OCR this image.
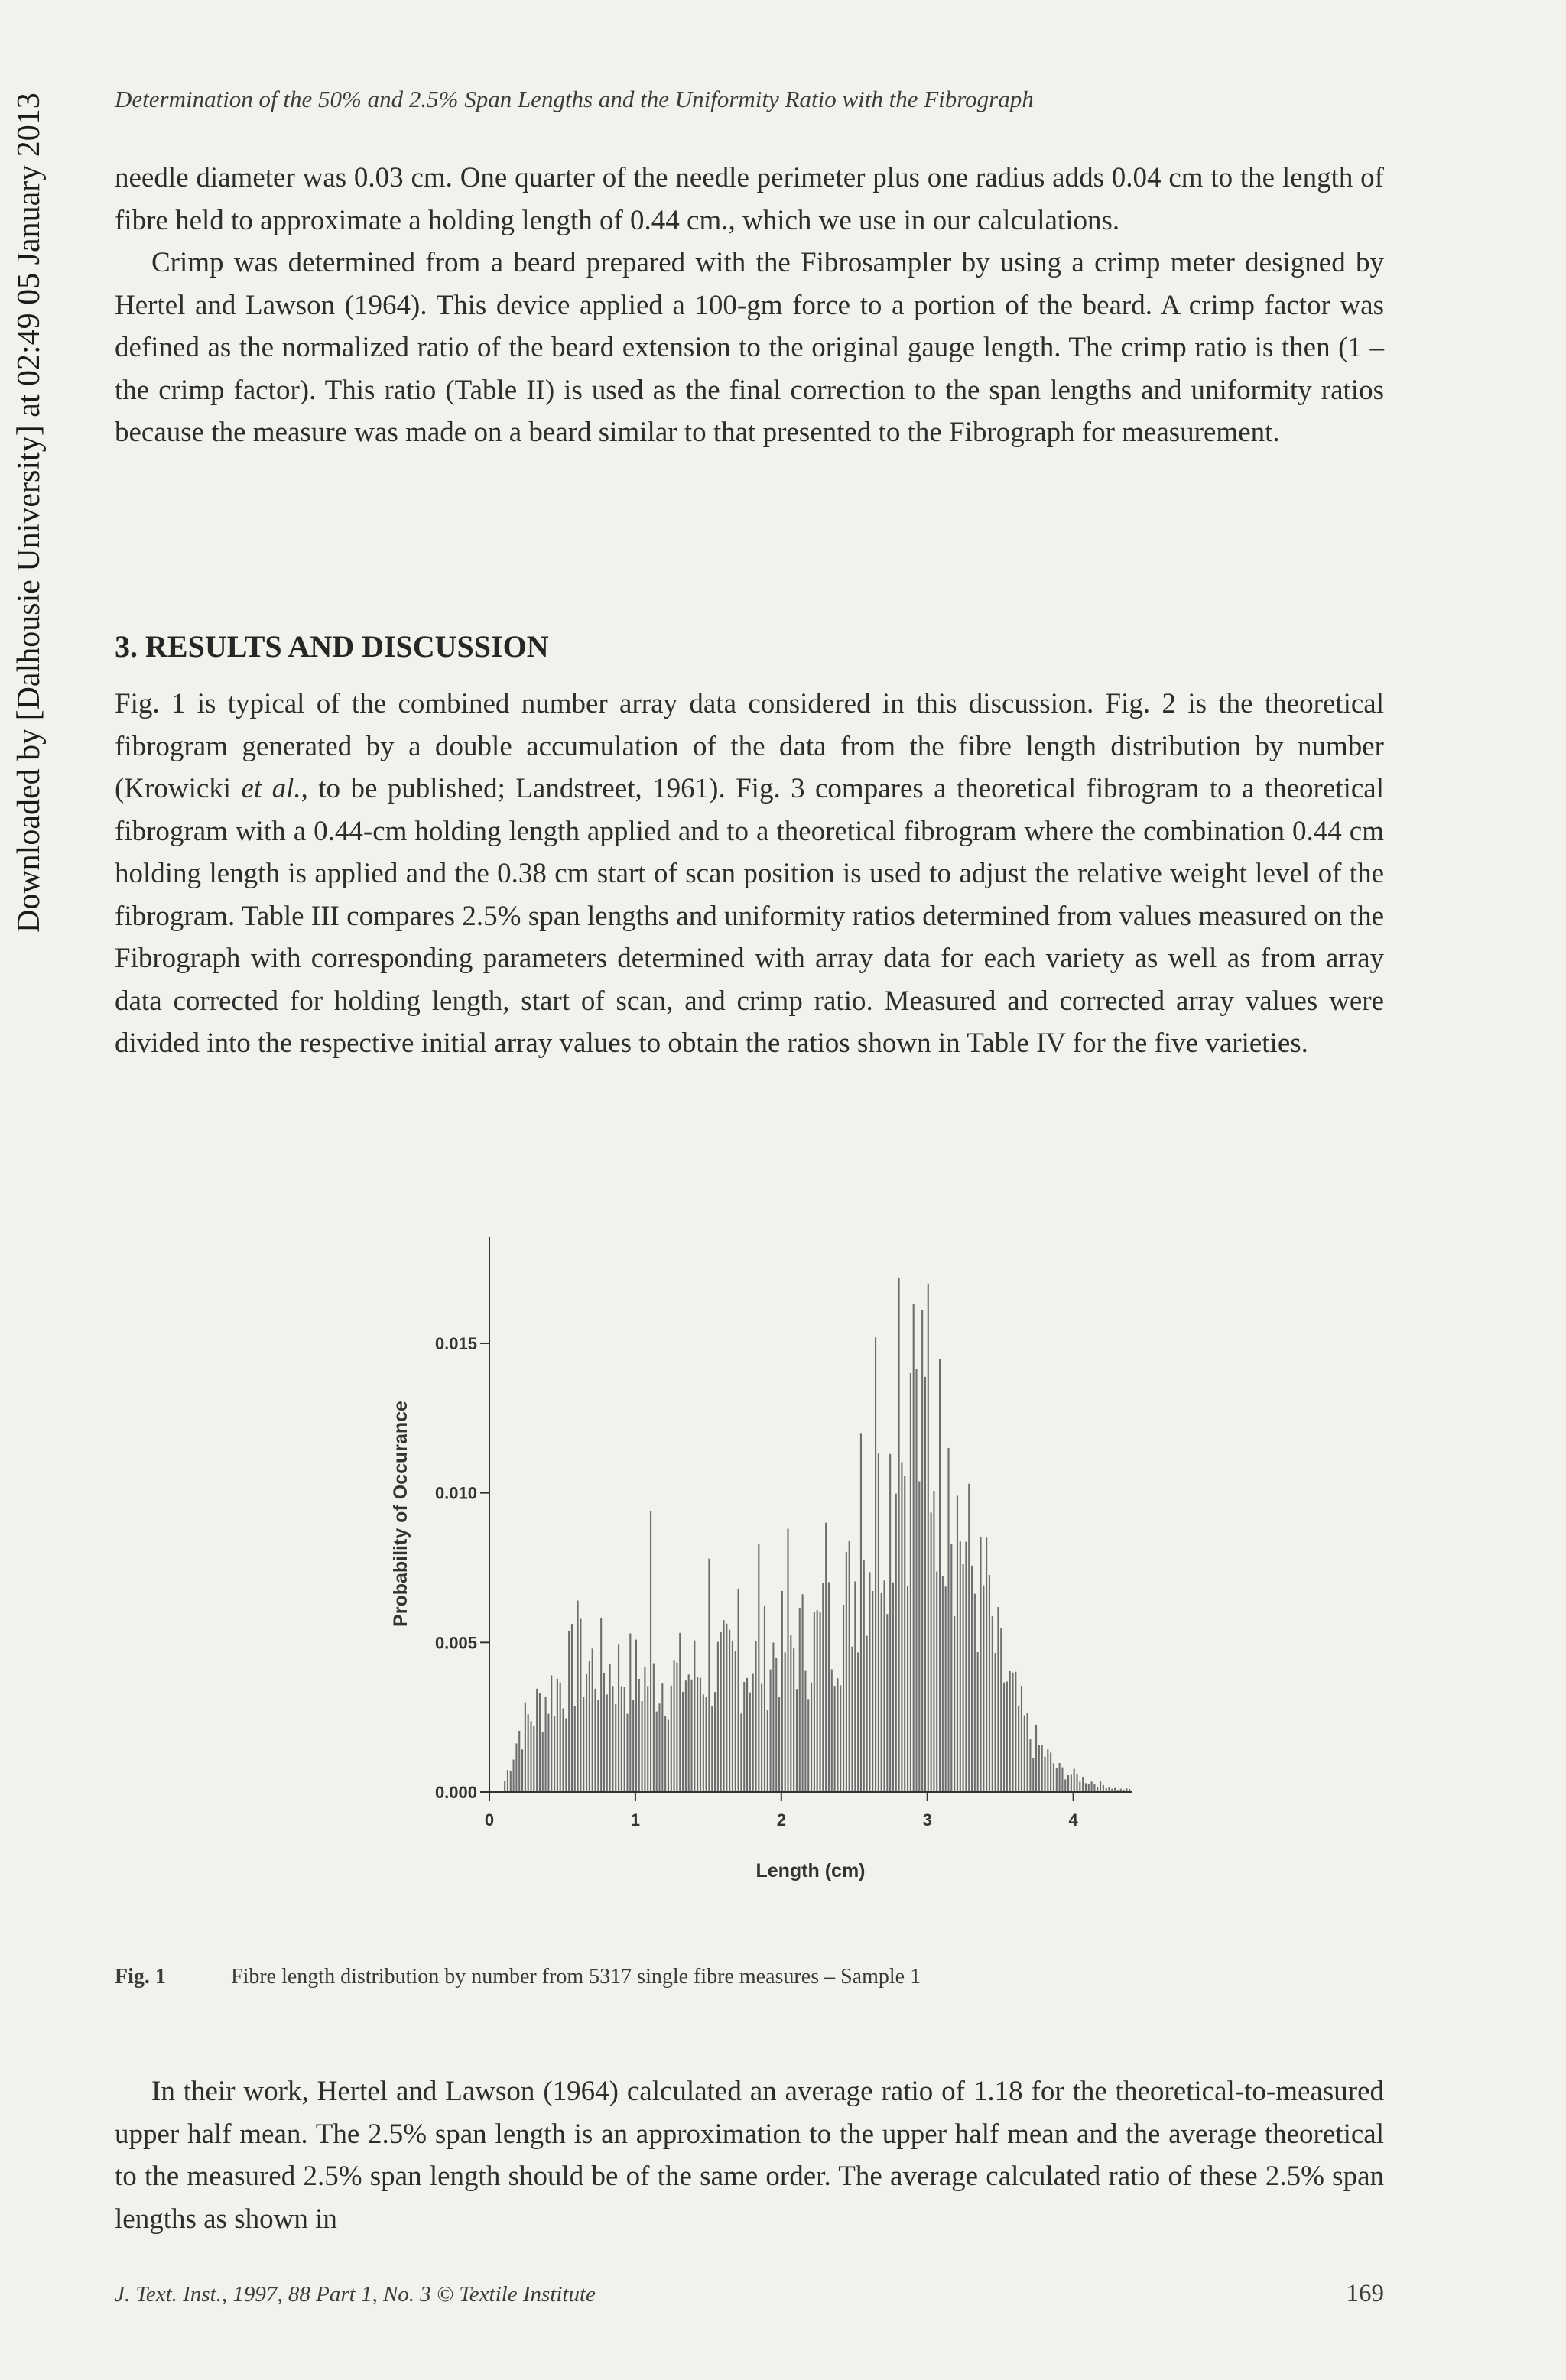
Downloaded by [Dalhousie University] at 02:49 05 January 2013	Determination of the 50% and 2.5% Span Lengths and the Uniformity Ratio with the Fibrograph

needle diameter was 0.03 cm. One quarter of the needle perimeter plus one radius adds 0.04 cm to the length of fibre held to approximate a holding length of 0.44 cm., which we use in our calculations.

Crimp was determined from a beard prepared with the Fibrosampler by using a crimp meter designed by Hertel and Lawson (1964). This device applied a 100-gm force to a portion of the beard. A crimp factor was defined as the normalized ratio of the beard extension to the original gauge length. The crimp ratio is then (1 – the crimp factor). This ratio (Table II) is used as the final correction to the span lengths and uniformity ratios because the measure was made on a beard similar to that presented to the Fibrograph for measurement.

3. RESULTS AND DISCUSSION

Fig. 1 is typical of the combined number array data considered in this discussion. Fig. 2 is the theoretical fibrogram generated by a double accumulation of the data from the fibre length distribution by number (Krowicki et al., to be published; Landstreet, 1961). Fig. 3 compares a theoretical fibrogram to a theoretical fibrogram with a 0.44-cm holding length applied and to a theoretical fibrogram where the combination 0.44 cm holding length is applied and the 0.38 cm start of scan position is used to adjust the relative weight level of the fibrogram. Table III compares 2.5% span lengths and uniformity ratios determined from values measured on the Fibrograph with corresponding parameters determined with array data for each variety as well as from array data corrected for holding length, start of scan, and crimp ratio. Measured and corrected array values were divided into the respective initial array values to obtain the ratios shown in Table IV for the five varieties.

0.000
0.005
0.010
0.015
0	1	2	3	4
Length (cm)
Probability of Occurance
Fig. 1	Fibre length distribution by number from 5317 single fibre measures – Sample 1

In their work, Hertel and Lawson (1964) calculated an average ratio of 1.18 for the theoretical-to-measured upper half mean. The 2.5% span length is an approximation to the upper half mean and the average theoretical to the measured 2.5% span length should be of the same order. The average calculated ratio of these 2.5% span lengths as shown in

J. Text. Inst., 1997, 88 Part 1, No. 3 © Textile Institute	169
